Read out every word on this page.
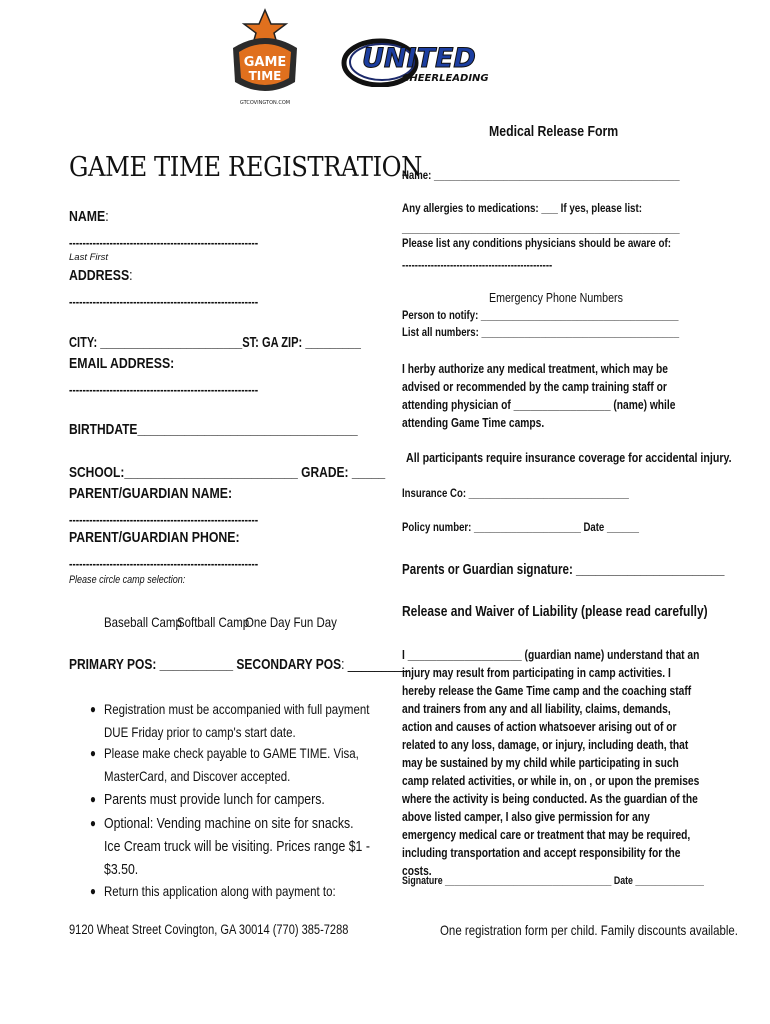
GAME
TIME
GTCOVINGTON.COM
UNITED
CHEERLEADING
GAME TIME REGISTRATION
NAME:
--------------------------------------------------------
Last First
ADDRESS:
--------------------------------------------------------
CITY: _______________________ST: GA ZIP: _________
EMAIL ADDRESS:
--------------------------------------------------------
BIRTHDATE_________________________________
SCHOOL:__________________________ GRADE: _____
PARENT/GUARDIAN NAME:
--------------------------------------------------------
PARENT/GUARDIAN PHONE:
--------------------------------------------------------
Please circle camp selection:
Baseball Camp
Softball Camp
One Day Fun Day
PRIMARY POS: ___________ SECONDARY POS: _________
● Registration must be accompanied with full payment DUE Friday prior to camp's start date.
● Please make check payable to GAME TIME. Visa, MasterCard, and Discover accepted.
● Parents must provide lunch for campers.
● Optional: Vending machine on site for snacks. Ice Cream truck will be visiting. Prices range $1 - $3.50.
● Return this application along with payment to:
9120 Wheat Street Covington, GA 30014 (770) 385-7288
Medical Release Form
Name: ______________________________________________
Any allergies to medications: ___ If yes, please list:
____________________________________________________
Please list any conditions physicians should be aware of:
-----------------------------------------------
Emergency Phone Numbers
Person to notify: _____________________________________
List all numbers: _____________________________________
I herby authorize any medical treatment, which may be advised or recommended by the camp training staff or attending physician of _________________ (name) while attending Game Time camps.
All participants require insurance coverage for accidental injury.
Insurance Co: ______________________________
Policy number: ____________________ Date ______
Parents or Guardian signature: _______________________
Release and Waiver of Liability (please read carefully)
I ____________________ (guardian name) understand that an injury may result from participating in camp activities. I hereby release the Game Time camp and the coaching staff and trainers from any and all liability, claims, demands, action and causes of action whatsoever arising out of or related to any loss, damage, or injury, including death, that may be sustained by my child while participating in such camp related activities, or while in, on , or upon the premises where the activity is being conducted. As the guardian of the above listed camper, I also give permission for any emergency medical care or treatment that may be required, including transportation and accept responsibility for the costs.
Signature __________________________________ Date ______________
One registration form per child. Family discounts available.
